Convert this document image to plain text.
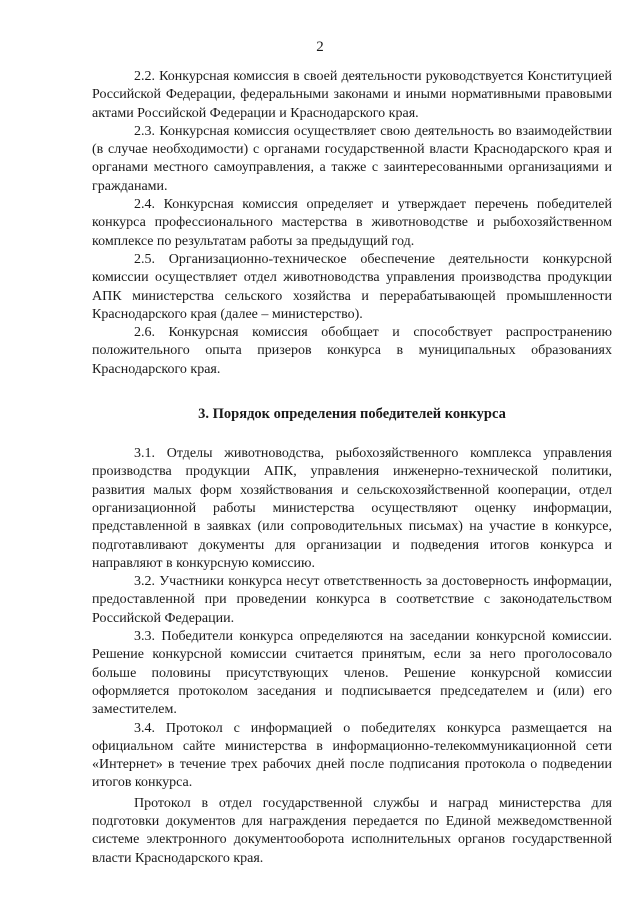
2

2.2. Конкурсная комиссия в своей деятельности руководствуется Конституцией Российской Федерации, федеральными законами и иными нормативными правовыми актами Российской Федерации и Краснодарского края.

2.3. Конкурсная комиссия осуществляет свою деятельность во взаимодействии (в случае необходимости) с органами государственной власти Краснодарского края и органами местного самоуправления, а также с заинтересованными организациями и гражданами.

2.4. Конкурсная комиссия определяет и утверждает перечень победителей конкурса профессионального мастерства в животноводстве и рыбохозяйственном комплексе по результатам работы за предыдущий год.

2.5. Организационно-техническое обеспечение деятельности конкурсной комиссии осуществляет отдел животноводства управления производства продукции АПК министерства сельского хозяйства и перерабатывающей промышленности Краснодарского края (далее – министерство).

2.6. Конкурсная комиссия обобщает и способствует распространению положительного опыта призеров конкурса в муниципальных образованиях Краснодарского края.

3. Порядок определения победителей конкурса

3.1. Отделы животноводства, рыбохозяйственного комплекса управления производства продукции АПК, управления инженерно-технической политики, развития малых форм хозяйствования и сельскохозяйственной кооперации, отдел организационной работы министерства осуществляют оценку информации, представленной в заявках (или сопроводительных письмах) на участие в конкурсе, подготавливают документы для организации и подведения итогов конкурса и направляют в конкурсную комиссию.

3.2. Участники конкурса несут ответственность за достоверность информации, предоставленной при проведении конкурса в соответствие с законодательством Российской Федерации.

3.3. Победители конкурса определяются на заседании конкурсной комиссии. Решение конкурсной комиссии считается принятым, если за него проголосовало больше половины присутствующих членов. Решение конкурсной комиссии оформляется протоколом заседания и подписывается председателем и (или) его заместителем.

3.4. Протокол с информацией о победителях конкурса размещается на официальном сайте министерства в информационно-телекоммуникационной сети «Интернет» в течение трех рабочих дней после подписания протокола о подведении итогов конкурса.

Протокол в отдел государственной службы и наград министерства для подготовки документов для награждения передается по Единой межведомственной системе электронного документооборота исполнительных органов государственной власти Краснодарского края.
